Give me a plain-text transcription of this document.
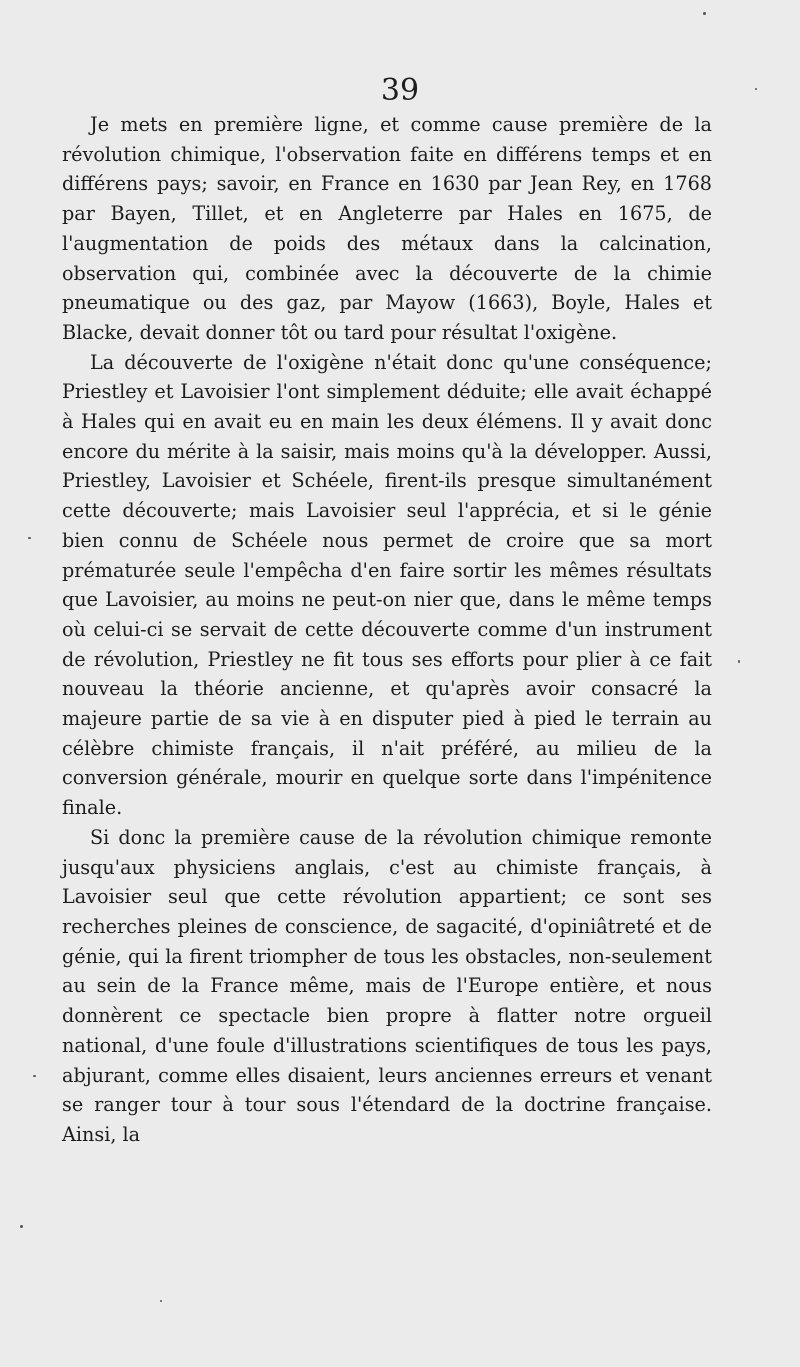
39

Je mets en première ligne, et comme cause première de la révolution chimique, l'observation faite en différens temps et en différens pays; savoir, en France en 1630 par Jean Rey, en 1768 par Bayen, Tillet, et en Angleterre par Hales en 1675, de l'augmentation de poids des métaux dans la calcination, observation qui, combinée avec la découverte de la chimie pneumatique ou des gaz, par Mayow (1663), Boyle, Hales et Blacke, devait donner tôt ou tard pour résultat l'oxigène.

La découverte de l'oxigène n'était donc qu'une conséquence; Priestley et Lavoisier l'ont simplement déduite; elle avait échappé à Hales qui en avait eu en main les deux élémens. Il y avait donc encore du mérite à la saisir, mais moins qu'à la développer. Aussi, Priestley, Lavoisier et Schéele, firent-ils presque simultanément cette découverte; mais Lavoisier seul l'apprécia, et si le génie bien connu de Schéele nous permet de croire que sa mort prématurée seule l'empêcha d'en faire sortir les mêmes résultats que Lavoisier, au moins ne peut-on nier que, dans le même temps où celui-ci se servait de cette découverte comme d'un instrument de révolution, Priestley ne fit tous ses efforts pour plier à ce fait nouveau la théorie ancienne, et qu'après avoir consacré la majeure partie de sa vie à en disputer pied à pied le terrain au célèbre chimiste français, il n'ait préféré, au milieu de la conversion générale, mourir en quelque sorte dans l'impénitence finale.

Si donc la première cause de la révolution chimique remonte jusqu'aux physiciens anglais, c'est au chimiste français, à Lavoisier seul que cette révolution appartient; ce sont ses recherches pleines de conscience, de sagacité, d'opiniâtreté et de génie, qui la firent triompher de tous les obstacles, non-seulement au sein de la France même, mais de l'Europe entière, et nous donnèrent ce spectacle bien propre à flatter notre orgueil national, d'une foule d'illustrations scientifiques de tous les pays, abjurant, comme elles disaient, leurs anciennes erreurs et venant se ranger tour à tour sous l'étendard de la doctrine française. Ainsi, la
